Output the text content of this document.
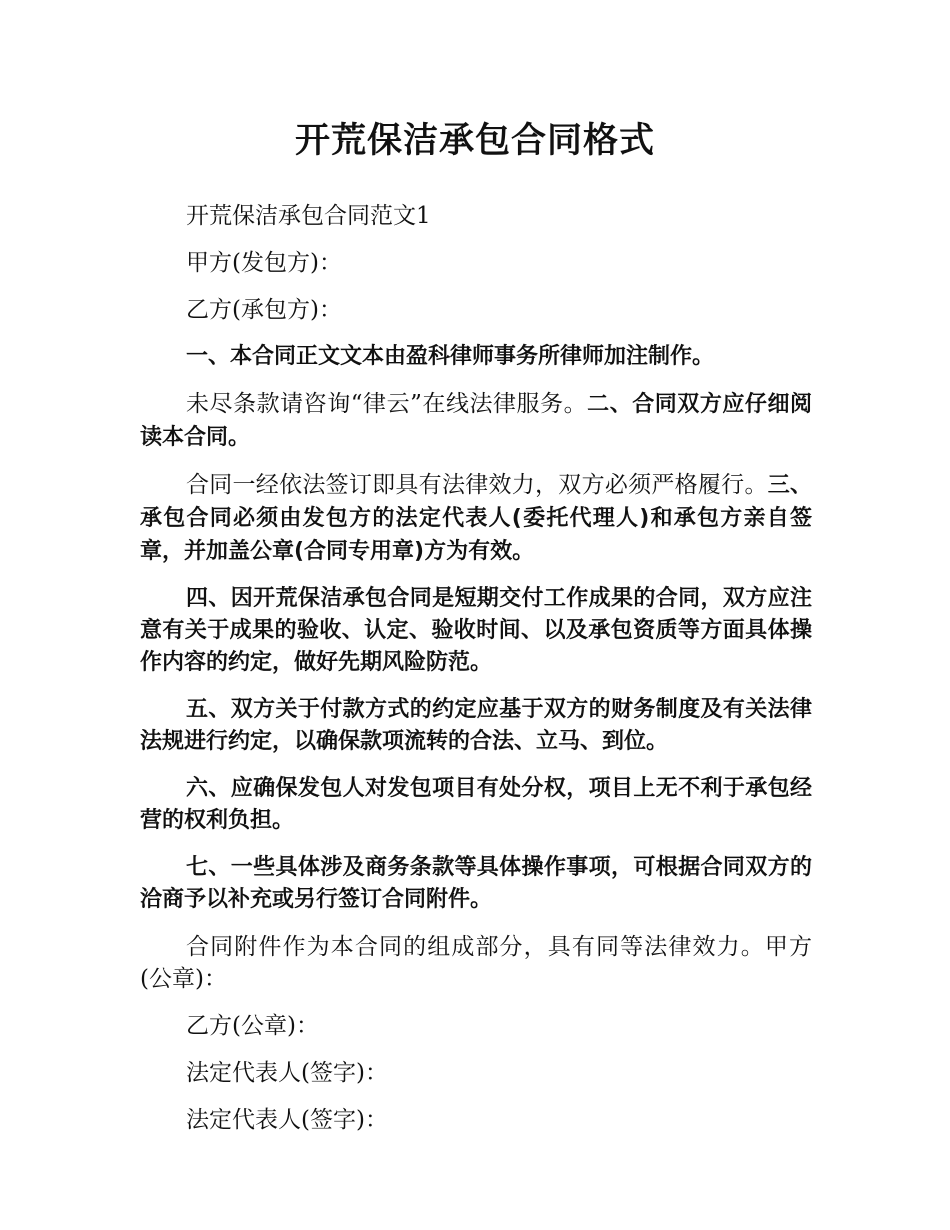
开荒保洁承包合同格式

开荒保洁承包合同范文1

甲方(发包方)：

乙方(承包方)：

一、本合同正文文本由盈科律师事务所律师加注制作。

未尽条款请咨询“律云”在线法律服务。二、合同双方应仔细阅读本合同。

合同一经依法签订即具有法律效力，双方必须严格履行。三、承包合同必须由发包方的法定代表人(委托代理人)和承包方亲自签章，并加盖公章(合同专用章)方为有效。

四、因开荒保洁承包合同是短期交付工作成果的合同，双方应注意有关于成果的验收、认定、验收时间、以及承包资质等方面具体操作内容的约定，做好先期风险防范。

五、双方关于付款方式的约定应基于双方的财务制度及有关法律法规进行约定，以确保款项流转的合法、立马、到位。

六、应确保发包人对发包项目有处分权，项目上无不利于承包经营的权利负担。

七、一些具体涉及商务条款等具体操作事项，可根据合同双方的洽商予以补充或另行签订合同附件。

合同附件作为本合同的组成部分，具有同等法律效力。甲方(公章)：

乙方(公章)：

法定代表人(签字)：

法定代表人(签字)：
